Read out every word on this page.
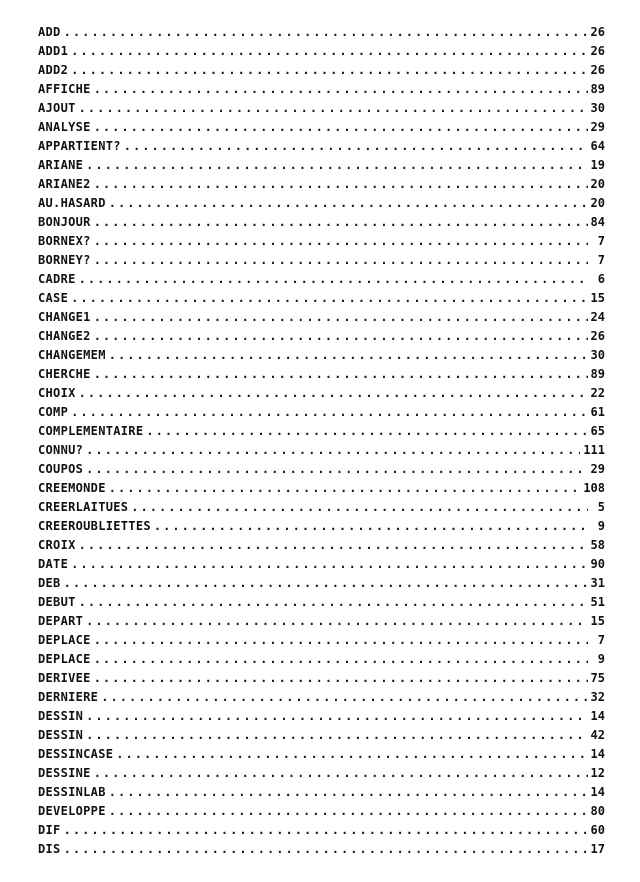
ADD . . .	26
ADD1 . . .	26
ADD2 . . .	26
AFFICHE . . .	89
AJOUT . . .	30
ANALYSE . . .	29
APPARTIENT? . . .	64
ARIANE . . .	19
ARIANE2 . . .	20
AU.HASARD . . .	20
BONJOUR . . .	84
BORNEX? . . .	7
BORNEY? . . .	7
CADRE . . .	6
CASE . . .	15
CHANGE1 . . .	24
CHANGE2 . . .	26
CHANGEMEM . . .	30
CHERCHE . . .	89
CHOIX . . .	22
COMP . . .	61
COMPLEMENTAIRE . . .	65
CONNU? . . .	111
COUPOS . . .	29
CREEMONDE . . .	108
CREERLAITUES . . .	5
CREEROUBLIETTES . . .	9
CROIX . . .	58
DATE . . .	90
DEB . . .	31
DEBUT . . .	51
DEPART . . .	15
DEPLACE . . .	7
DEPLACE . . .	9
DERIVEE . . .	75
DERNIERE . . .	32
DESSIN . . .	14
DESSIN . . .	42
DESSINCASE . . .	14
DESSINE . . .	12
DESSINLAB . . .	14
DEVELOPPE . . .	80
DIF . . .	60
DIS . . .	17
